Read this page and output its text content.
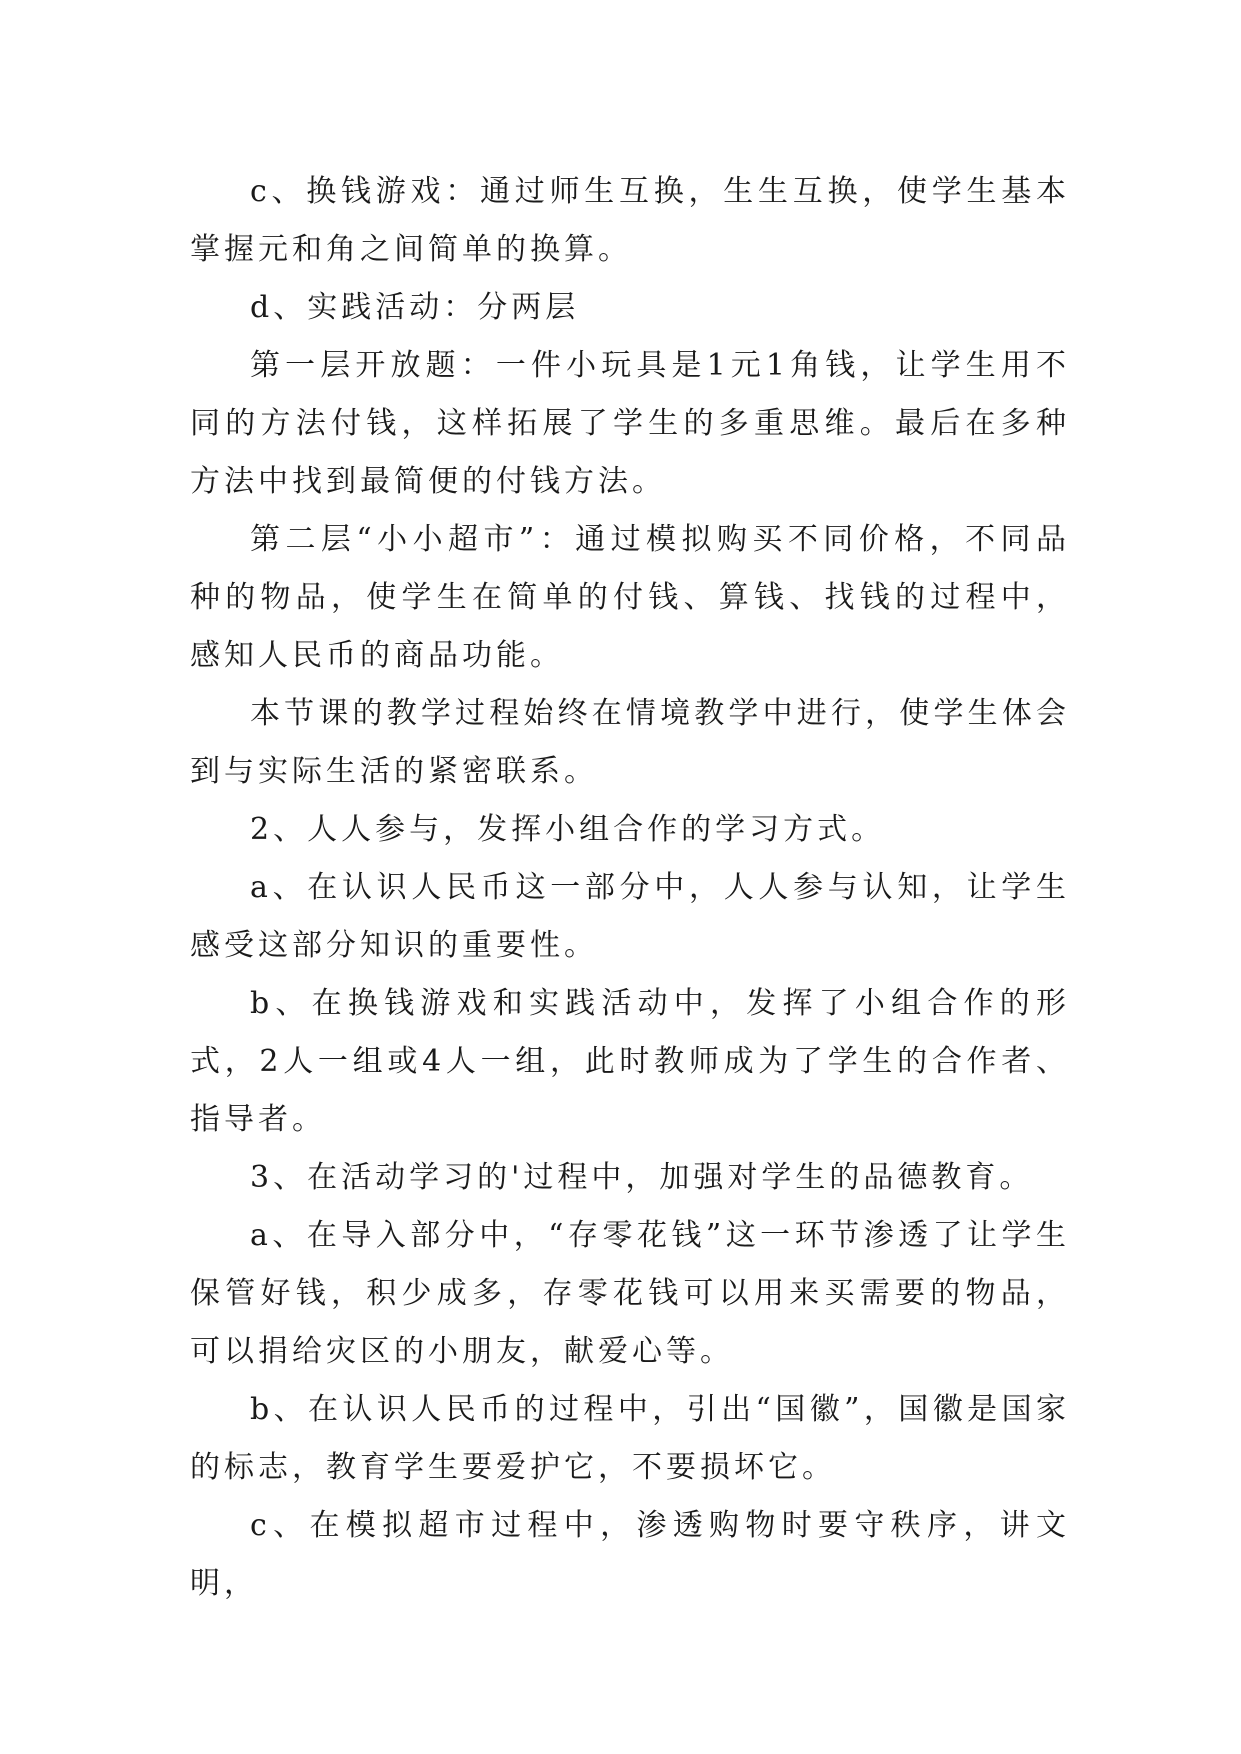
c、换钱游戏：通过师生互换，生生互换，使学生基本掌握元和角之间简单的换算。

d、实践活动：分两层

第一层开放题：一件小玩具是1元1角钱，让学生用不同的方法付钱，这样拓展了学生的多重思维。最后在多种方法中找到最简便的付钱方法。

第二层“小小超市”：通过模拟购买不同价格，不同品种的物品，使学生在简单的付钱、算钱、找钱的过程中，感知人民币的商品功能。

本节课的教学过程始终在情境教学中进行，使学生体会到与实际生活的紧密联系。

2、人人参与，发挥小组合作的学习方式。

a、在认识人民币这一部分中，人人参与认知，让学生感受这部分知识的重要性。

b、在换钱游戏和实践活动中，发挥了小组合作的形式，2人一组或4人一组，此时教师成为了学生的合作者、指导者。

3、在活动学习的'过程中，加强对学生的品德教育。

a、在导入部分中，“存零花钱”这一环节渗透了让学生保管好钱，积少成多，存零花钱可以用来买需要的物品，可以捐给灾区的小朋友，献爱心等。

b、在认识人民币的过程中，引出“国徽”，国徽是国家的标志，教育学生要爱护它，不要损坏它。

c、在模拟超市过程中，渗透购物时要守秩序，讲文明，
